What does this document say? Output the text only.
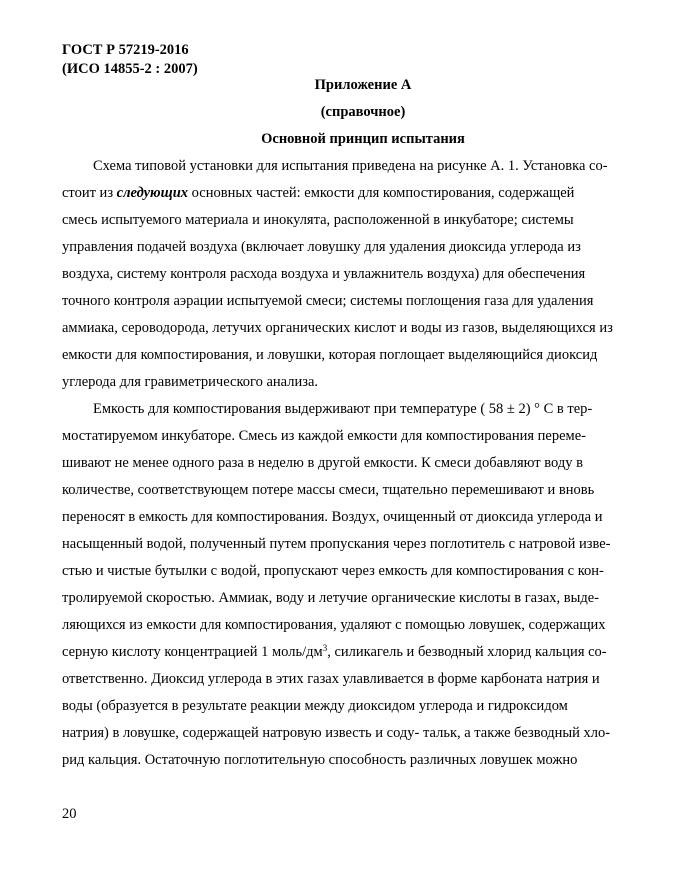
ГОСТ Р 57219-2016
(ИСО 14855-2 : 2007)
Приложение А
(справочное)
Основной принцип испытания
Схема типовой установки для испытания приведена на рисунке А. 1. Установка со-
стоит из следующих основных частей: емкости для компостирования, содержащей
смесь испытуемого материала и инокулята, расположенной в инкубаторе; системы
управления подачей воздуха (включает ловушку для удаления диоксида углерода из
воздуха, систему контроля расхода воздуха и увлажнитель воздуха) для обеспечения
точного контроля аэрации испытуемой смеси; системы поглощения газа для удаления
аммиака, сероводорода, летучих органических кислот и воды из газов, выделяющихся из
емкости для компостирования, и ловушки, которая поглощает выделяющийся диоксид
углерода для гравиметрического анализа.
Емкость для компостирования выдерживают при температуре ( 58 ± 2) ° С в тер-
мостатируемом инкубаторе. Смесь из каждой емкости для компостирования переме-
шивают не менее одного раза в неделю в другой емкости. К смеси добавляют воду в
количестве, соответствующем потере массы смеси, тщательно перемешивают и вновь
переносят в емкость для компостирования. Воздух, очищенный от диоксида углерода и
насыщенный водой, полученный путем пропускания через поглотитель с натровой изве-
стью и чистые бутылки с водой, пропускают через емкость для компостирования с кон-
тролируемой скоростью. Аммиак, воду и летучие органические кислоты в газах, выде-
ляющихся из емкости для компостирования, удаляют с помощью ловушек, содержащих
серную кислоту концентрацией 1 моль/$дм^3$, силикагель и безводный хлорид кальция со-
ответственно. Диоксид углерода в этих газах улавливается в форме карбоната натрия и
воды (образуется в результате реакции между диоксидом углерода и гидроксидом
натрия) в ловушке, содержащей натровую известь и соду- тальк, а также безводный хло-
рид кальция. Остаточную поглотительную способность различных ловушек можно
20
